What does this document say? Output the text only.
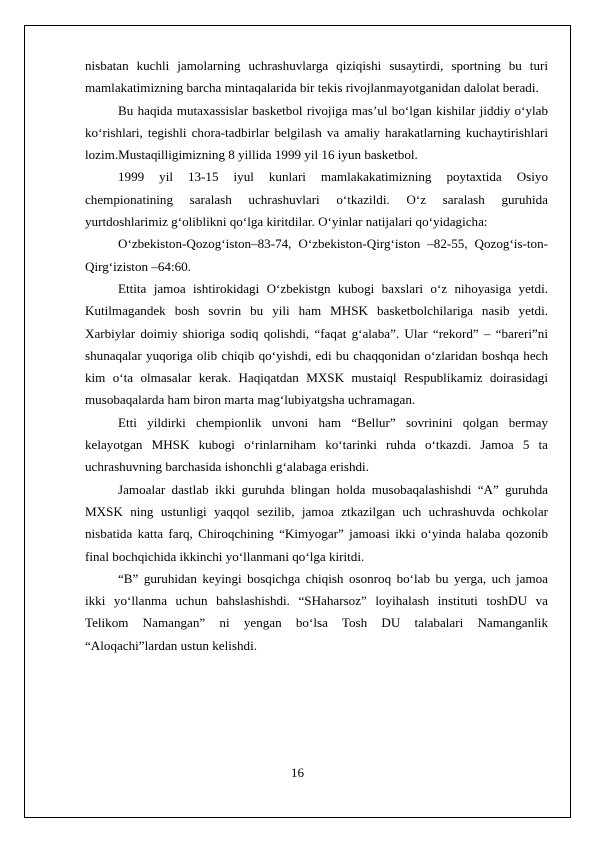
nisbatan kuchli jamolarning uchrashuvlarga qiziqishi susaytirdi, sportning bu turi mamlakatimizning barcha mintaqalarida bir tekis rivojlanmayotganidan dalolat beradi.

Bu haqida mutaxassislar basketbol rivojiga mas’ul bo‘lgan kishilar jiddiy o‘ylab ko‘rishlari, tegishli chora-tadbirlar belgilash va amaliy harakatlarning kuchaytirishlari lozim.Mustaqilligimizning 8 yillida 1999 yil 16 iyun basketbol.

1999 yil 13-15 iyul kunlari mamlakakatimizning poytaxtida Osiyo chempionatining saralash uchrashuvlari o‘tkazildi. O‘z saralash guruhida yurtdoshlarimiz g‘oliblikni qo‘lga kiritdilar. O‘yinlar natijalari qo‘yidagicha:

O‘zbekiston-Qozog‘iston–83-74, O‘zbekiston-Qirg‘iston –82-55, Qozog‘is-ton-Qirg‘iziston –64:60.

Ettita jamoa ishtirokidagi O‘zbekistgn kubogi baxslari o‘z nihoyasiga yetdi. Kutilmagandek bosh sovrin bu yili ham MHSK basketbolchilariga nasib yetdi. Xarbiylar doimiy shioriga sodiq qolishdi, “faqat g‘alaba”. Ular “rekord” – “bareri”ni shunaqalar yuqoriga olib chiqib qo‘yishdi, edi bu chaqqonidan o‘zlaridan boshqa hech kim o‘ta olmasalar kerak. Haqiqatdan MXSK mustaiql Respublikamiz doirasidagi musobaqalarda ham biron marta mag‘lubiyatgsha uchramagan.

Etti yildirki chempionlik unvoni ham “Bellur” sovrinini qolgan bermay kelayotgan MHSK kubogi o‘rinlarniham ko‘tarinki ruhda o‘tkazdi. Jamoa 5 ta uchrashuvning barchasida ishonchli g‘alabaga erishdi.

Jamoalar dastlab ikki guruhda blingan holda musobaqalashishdi “A” guruhda MXSK ning ustunligi yaqqol sezilib, jamoa ztkazilgan uch uchrashuvda ochkolar nisbatida katta farq, Chiroqchining “Kimyogar” jamoasi ikki o‘yinda halaba qozonib final bochqichida ikkinchi yo‘llanmani qo‘lga kiritdi.

“B” guruhidan keyingi bosqichga chiqish osonroq bo‘lab bu yerga, uch jamoa ikki yo‘llanma uchun bahslashishdi. “SHaharsoz” loyihalash instituti toshDU va Telikom Namangan” ni yengan bo‘lsa Tosh DU talabalari Namanganlik “Aloqachi”lardan ustun kelishdi.

16
